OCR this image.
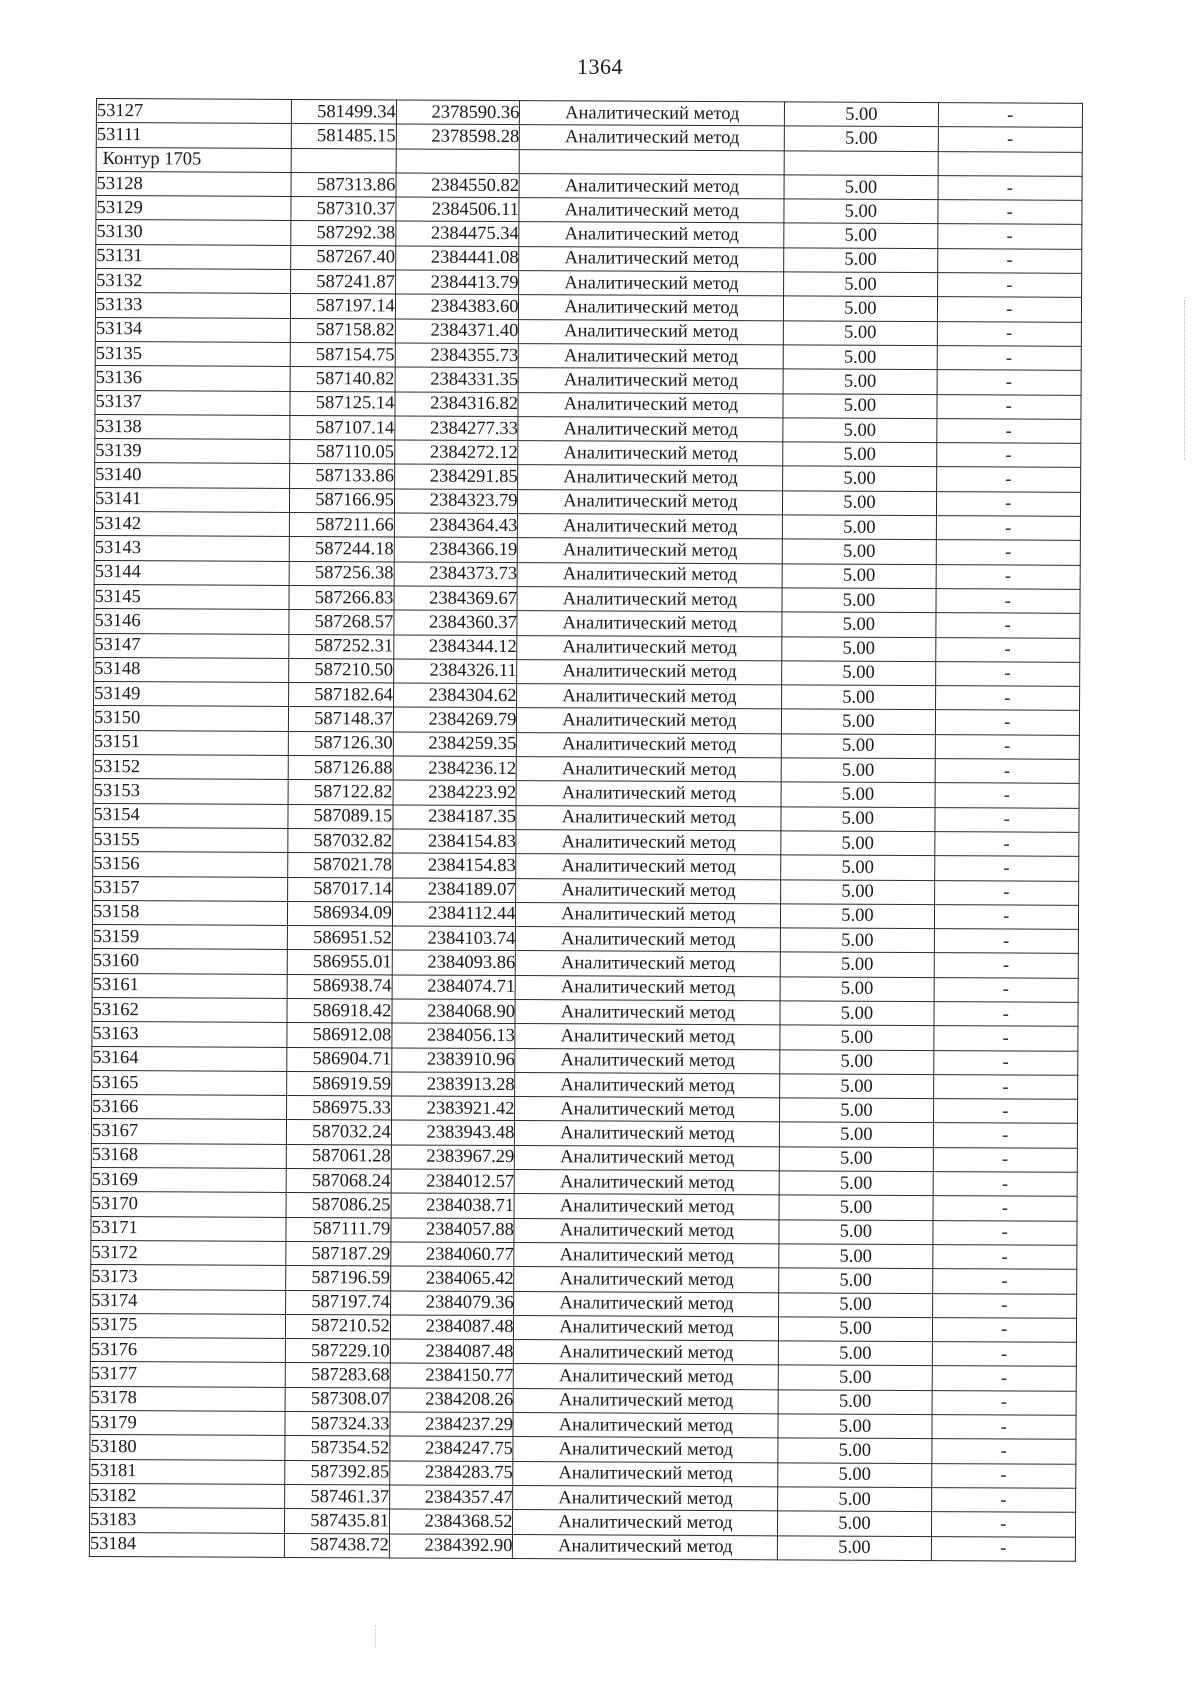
1364
53127	581499.34	2378590.36	Аналитический метод	5.00	-
53111	581485.15	2378598.28	Аналитический метод	5.00	-
Контур 1705					
53128	587313.86	2384550.82	Аналитический метод	5.00	-
53129	587310.37	2384506.11	Аналитический метод	5.00	-
53130	587292.38	2384475.34	Аналитический метод	5.00	-
53131	587267.40	2384441.08	Аналитический метод	5.00	-
53132	587241.87	2384413.79	Аналитический метод	5.00	-
53133	587197.14	2384383.60	Аналитический метод	5.00	-
53134	587158.82	2384371.40	Аналитический метод	5.00	-
53135	587154.75	2384355.73	Аналитический метод	5.00	-
53136	587140.82	2384331.35	Аналитический метод	5.00	-
53137	587125.14	2384316.82	Аналитический метод	5.00	-
53138	587107.14	2384277.33	Аналитический метод	5.00	-
53139	587110.05	2384272.12	Аналитический метод	5.00	-
53140	587133.86	2384291.85	Аналитический метод	5.00	-
53141	587166.95	2384323.79	Аналитический метод	5.00	-
53142	587211.66	2384364.43	Аналитический метод	5.00	-
53143	587244.18	2384366.19	Аналитический метод	5.00	-
53144	587256.38	2384373.73	Аналитический метод	5.00	-
53145	587266.83	2384369.67	Аналитический метод	5.00	-
53146	587268.57	2384360.37	Аналитический метод	5.00	-
53147	587252.31	2384344.12	Аналитический метод	5.00	-
53148	587210.50	2384326.11	Аналитический метод	5.00	-
53149	587182.64	2384304.62	Аналитический метод	5.00	-
53150	587148.37	2384269.79	Аналитический метод	5.00	-
53151	587126.30	2384259.35	Аналитический метод	5.00	-
53152	587126.88	2384236.12	Аналитический метод	5.00	-
53153	587122.82	2384223.92	Аналитический метод	5.00	-
53154	587089.15	2384187.35	Аналитический метод	5.00	-
53155	587032.82	2384154.83	Аналитический метод	5.00	-
53156	587021.78	2384154.83	Аналитический метод	5.00	-
53157	587017.14	2384189.07	Аналитический метод	5.00	-
53158	586934.09	2384112.44	Аналитический метод	5.00	-
53159	586951.52	2384103.74	Аналитический метод	5.00	-
53160	586955.01	2384093.86	Аналитический метод	5.00	-
53161	586938.74	2384074.71	Аналитический метод	5.00	-
53162	586918.42	2384068.90	Аналитический метод	5.00	-
53163	586912.08	2384056.13	Аналитический метод	5.00	-
53164	586904.71	2383910.96	Аналитический метод	5.00	-
53165	586919.59	2383913.28	Аналитический метод	5.00	-
53166	586975.33	2383921.42	Аналитический метод	5.00	-
53167	587032.24	2383943.48	Аналитический метод	5.00	-
53168	587061.28	2383967.29	Аналитический метод	5.00	-
53169	587068.24	2384012.57	Аналитический метод	5.00	-
53170	587086.25	2384038.71	Аналитический метод	5.00	-
53171	587111.79	2384057.88	Аналитический метод	5.00	-
53172	587187.29	2384060.77	Аналитический метод	5.00	-
53173	587196.59	2384065.42	Аналитический метод	5.00	-
53174	587197.74	2384079.36	Аналитический метод	5.00	-
53175	587210.52	2384087.48	Аналитический метод	5.00	-
53176	587229.10	2384087.48	Аналитический метод	5.00	-
53177	587283.68	2384150.77	Аналитический метод	5.00	-
53178	587308.07	2384208.26	Аналитический метод	5.00	-
53179	587324.33	2384237.29	Аналитический метод	5.00	-
53180	587354.52	2384247.75	Аналитический метод	5.00	-
53181	587392.85	2384283.75	Аналитический метод	5.00	-
53182	587461.37	2384357.47	Аналитический метод	5.00	-
53183	587435.81	2384368.52	Аналитический метод	5.00	-
53184	587438.72	2384392.90	Аналитический метод	5.00	-
